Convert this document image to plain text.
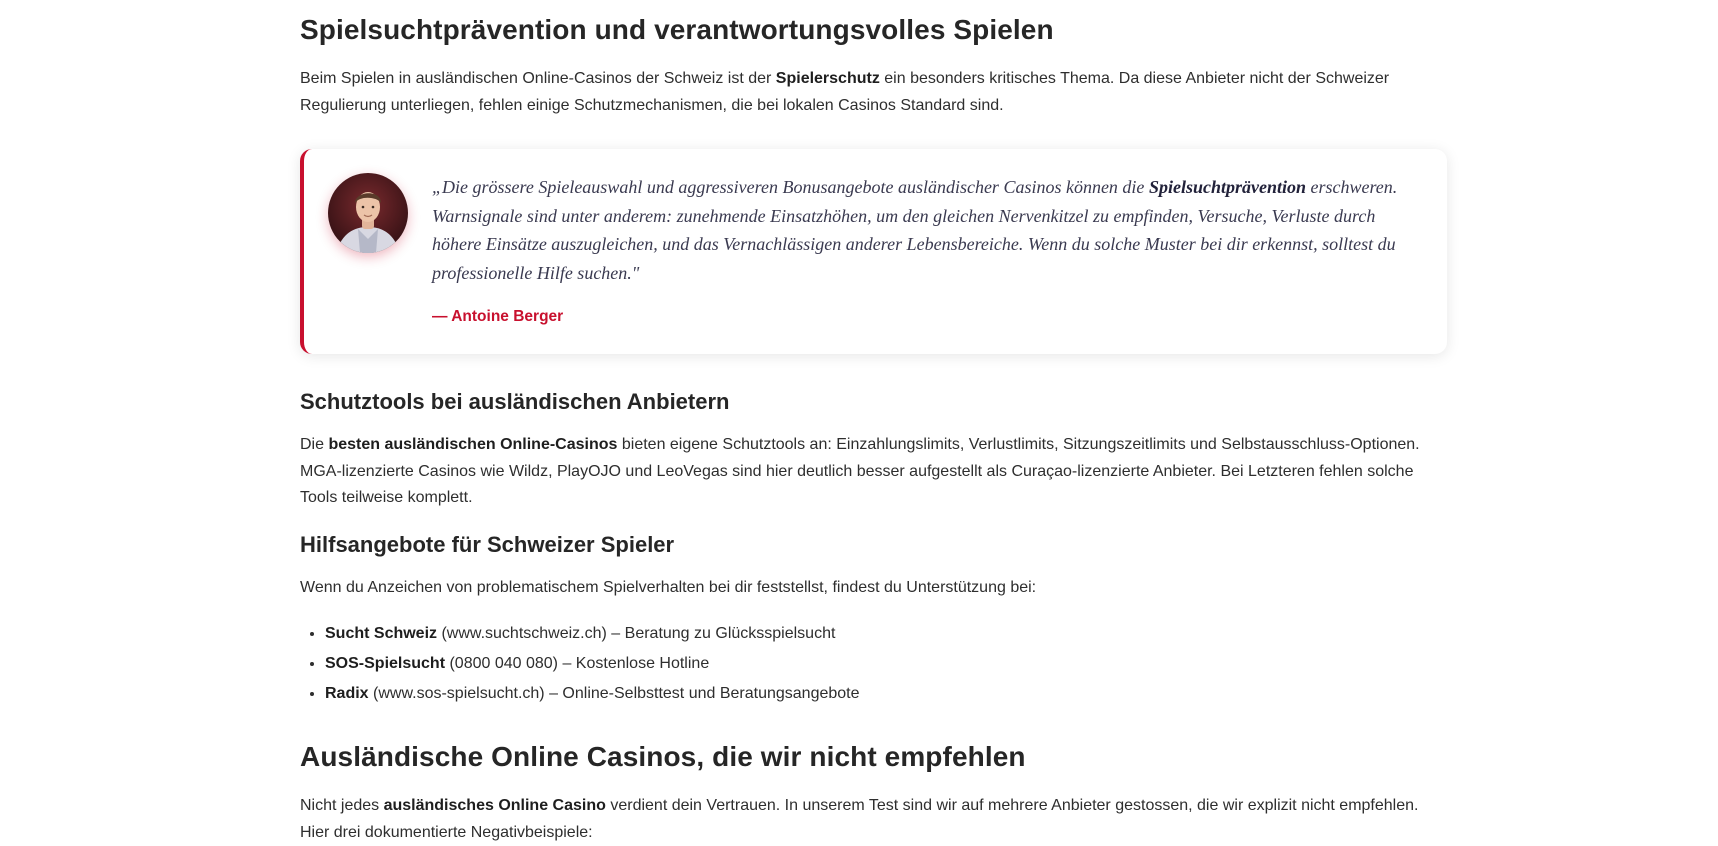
Spielsuchtprävention und verantwortungsvolles Spielen

Beim Spielen in ausländischen Online-Casinos der Schweiz ist der Spielerschutz ein besonders kritisches Thema. Da diese Anbieter nicht der Schweizer Regulierung unterliegen, fehlen einige Schutzmechanismen, die bei lokalen Casinos Standard sind.

„Die grössere Spieleauswahl und aggressiveren Bonusangebote ausländischer Casinos können die Spielsuchtprävention erschweren. Warnsignale sind unter anderem: zunehmende Einsatzhöhen, um den gleichen Nervenkitzel zu empfinden, Versuche, Verluste durch höhere Einsätze auszugleichen, und das Vernachlässigen anderer Lebensbereiche. Wenn du solche Muster bei dir erkennst, solltest du professionelle Hilfe suchen."

— Antoine Berger
Schutztools bei ausländischen Anbietern

Die besten ausländischen Online-Casinos bieten eigene Schutztools an: Einzahlungslimits, Verlustlimits, Sitzungszeitlimits und Selbstausschluss-Optionen. MGA-lizenzierte Casinos wie Wildz, PlayOJO und LeoVegas sind hier deutlich besser aufgestellt als Curaçao-lizenzierte Anbieter. Bei Letzteren fehlen solche Tools teilweise komplett.

Hilfsangebote für Schweizer Spieler

Wenn du Anzeichen von problematischem Spielverhalten bei dir feststellst, findest du Unterstützung bei:

• Sucht Schweiz (www.suchtschweiz.ch) – Beratung zu Glücksspielsucht
• SOS-Spielsucht (0800 040 080) – Kostenlose Hotline
• Radix (www.sos-spielsucht.ch) – Online-Selbsttest und Beratungsangebote
Ausländische Online Casinos, die wir nicht empfehlen

Nicht jedes ausländisches Online Casino verdient dein Vertrauen. In unserem Test sind wir auf mehrere Anbieter gestossen, die wir explizit nicht empfehlen. Hier drei dokumentierte Negativbeispiele:
